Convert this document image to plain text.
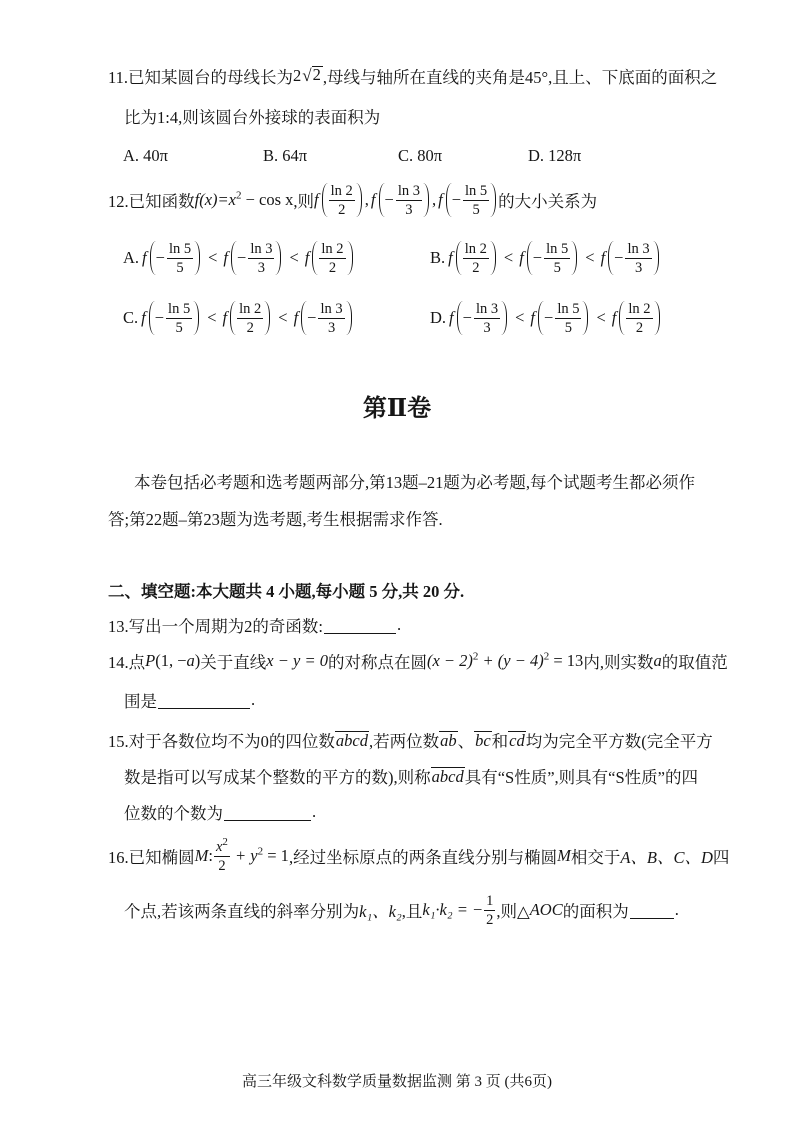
11.已知某圆台的母线长为 2 √ 2 ,母线与轴所在直线的夹角是45°,且上、下底面的面积之
比为1:4,则该圆台外接球的表面积为
A. 40π	B. 64π	C. 80π	D. 128π
12.已知函数 $f(x)=x^2 - \cos x$ ,则 f $\frac{\ln 2}{2}$ , $f - \frac{\ln 3}{3}$ , $f - \frac{\ln 5}{5}$ 的大小关系为
A. $f - \frac{\ln 5}{5} < f - \frac{\ln 3}{3} < f \frac{\ln 2}{2}$	B. f $\frac{\ln 2}{2} < f - \frac{\ln 5}{5} < f - \frac{\ln 3}{3}$
C. $f - \frac{\ln 5}{5} < f \frac{\ln 2}{2} < f - \frac{\ln 3}{3}$	D. $f - \frac{\ln 3}{3} < f - \frac{\ln 5}{5} < f \frac{\ln 2}{2}$
第Ⅱ卷
本卷包括必考题和选考题两部分,第13题–21题为必考题,每个试题考生都必须作
答;第22题–第23题为选考题,考生根据需求作答.
二、填空题:本大题共 4 小题,每小题 5 分,共 20 分.
13.写出一个周期为2的奇函数:	.
14.点 P (1, − a ) 关于直线 x − y = 0 的对称点在圆 $(x - 2)^2 + (y - 4)^2 = 13$ 内,则实数 a 的取值范
围是	.
15.对于各数位均不为0的四位数 abcd ,若两位数 ab 、 bc 和 cd 均为完全平方数(完全平方
数是指可以写成某个整数的平方的数),则称 abcd 具有“S性质”,则具有“S性质”的四
位数的个数为	.
16.已知椭圆 M : $\frac{x^2}{2} + y^2 = 1$ ,经过坐标原点的两条直线分别与椭圆 M 相交于 A、B、C、D 四
个点,若该两条直线的斜率分别为 k₁、k₂ ,且 k₁·k₂ = − $\frac{1}{2}$ ,则△ AOC 的面积为	.
高三年级文科数学质量数据监测 第 3 页 (共6页)
